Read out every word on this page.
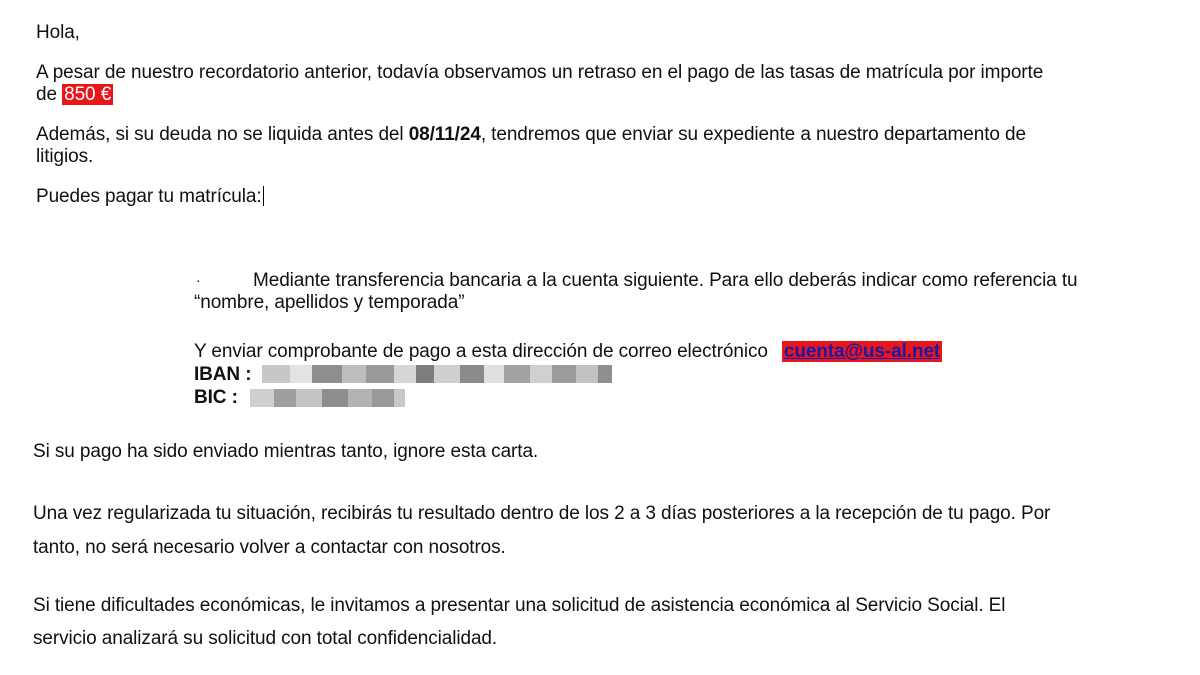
Hola,

A pesar de nuestro recordatorio anterior, todavía observamos un retraso en el pago de las tasas de matrícula por importe

de 850 €

Además, si su deuda no se liquida antes del 08/11/24, tendremos que enviar su expediente a nuestro departamento de

litigios.

Puedes pagar tu matrícula:

·	Mediante transferencia bancaria a la cuenta siguiente. Para ello deberás indicar como referencia tu

“nombre, apellidos y temporada”

Y enviar comprobante de pago a esta dirección de correo electrónico cuenta@us-al.net

IBAN :

BIC :

Si su pago ha sido enviado mientras tanto, ignore esta carta.

Una vez regularizada tu situación, recibirás tu resultado dentro de los 2 a 3 días posteriores a la recepción de tu pago. Por

tanto, no será necesario volver a contactar con nosotros.

Si tiene dificultades económicas, le invitamos a presentar una solicitud de asistencia económica al Servicio Social. El

servicio analizará su solicitud con total confidencialidad.
